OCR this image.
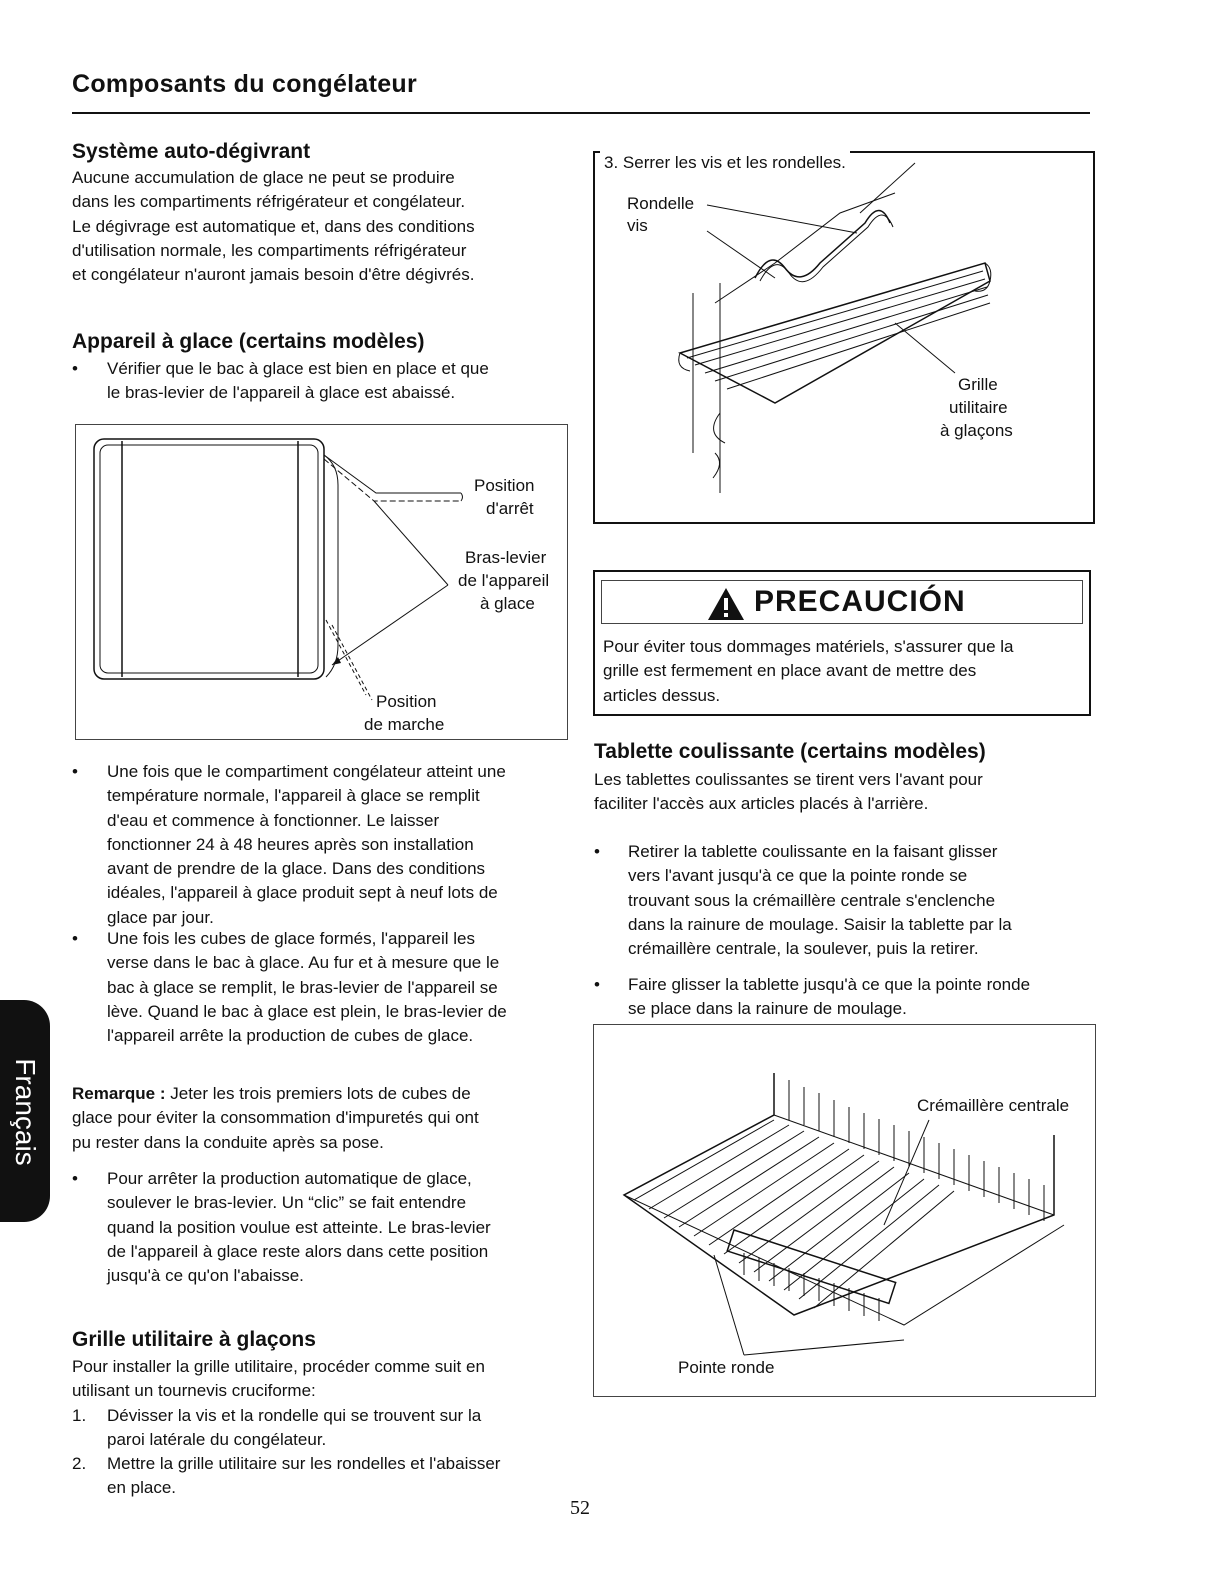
Composants du congélateur
Système auto-dégivrant
Aucune accumulation de glace ne peut se produire
dans les compartiments réfrigérateur et congélateur.
Le dégivrage est automatique et, dans des conditions
d'utilisation normale, les compartiments réfrigérateur
et congélateur n'auront jamais besoin d'être dégivrés.
Appareil à glace (certains modèles)
• Vérifier que le bac à glace est bien en place et que
le bras-levier de l'appareil à glace est abaissé.
Position
d'arrêt
Bras-levier
de l'appareil
à glace
Position
de marche
• Une fois que le compartiment congélateur atteint une
température normale, l'appareil à glace se remplit
d'eau et commence à fonctionner. Le laisser
fonctionner 24 à 48 heures après son installation
avant de prendre de la glace. Dans des conditions
idéales, l'appareil à glace produit sept à neuf lots de
glace par jour.
• Une fois les cubes de glace formés, l'appareil les
verse dans le bac à glace. Au fur et à mesure que le
bac à glace se remplit, le bras-levier de l'appareil se
lève. Quand le bac à glace est plein, le bras-levier de
l'appareil arrête la production de cubes de glace.
Remarque : Jeter les trois premiers lots de cubes de
glace pour éviter la consommation d'impuretés qui ont
pu rester dans la conduite après sa pose.
• Pour arrêter la production automatique de glace,
soulever le bras-levier. Un “clic” se fait entendre
quand la position voulue est atteinte. Le bras-levier
de l'appareil à glace reste alors dans cette position
jusqu'à ce qu'on l'abaisse.
Grille utilitaire à glaçons
Pour installer la grille utilitaire, procéder comme suit en
utilisant un tournevis cruciforme:
1. Dévisser la vis et la rondelle qui se trouvent sur la
paroi latérale du congélateur.
2. Mettre la grille utilitaire sur les rondelles et l'abaisser
en place.
3. Serrer les vis et les rondelles.
Rondelle
vis
Grille
utilitaire
à glaçons
PRECAUCIÓN
Pour éviter tous dommages matériels, s'assurer que la
grille est fermement en place avant de mettre des
articles dessus.
Tablette coulissante (certains modèles)
Les tablettes coulissantes se tirent vers l'avant pour
faciliter l'accès aux articles placés à l'arrière.
• Retirer la tablette coulissante en la faisant glisser
vers l'avant jusqu'à ce que la pointe ronde se
trouvant sous la crémaillère centrale s'enclenche
dans la rainure de moulage. Saisir la tablette par la
crémaillère centrale, la soulever, puis la retirer.
• Faire glisser la tablette jusqu'à ce que la pointe ronde
se place dans la rainure de moulage.
Crémaillère centrale
Pointe ronde
Français
52
